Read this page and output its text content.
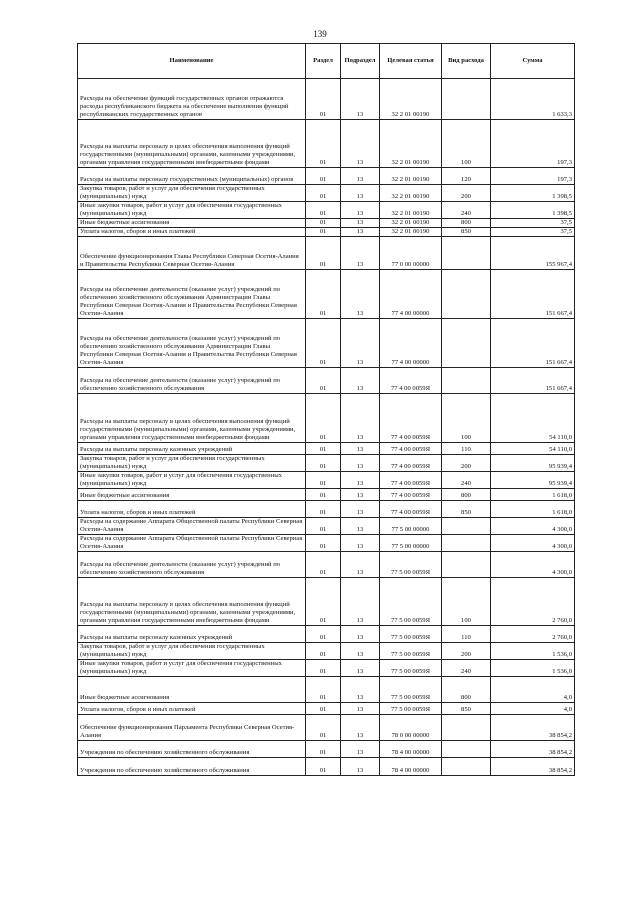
139
Наименование	Раздел	Подраздел	Целевая статья	Вид расхода	Сумма
Расходы на обеспечение функций государственных органов отражаются расходы республиканского бюджета на обеспечение выполнения функций республиканских государственных органов	01	13	32 2 01 00190		1 633,3
Расходы на выплаты персоналу в целях обеспечения выполнения функций государственными (муниципальными) органами, казенными учреждениями, органами управления государственными внебюджетными фондами	01	13	32 2 01 00190	100	197,3
Расходы на выплаты персоналу государственных (муниципальных) органов	01	13	32 2 01 00190	120	197,3
Закупка товаров, работ и услуг для обеспечения государственных (муниципальных) нужд	01	13	32 2 01 00190	200	1 398,5
Иные закупки товаров, работ и услуг для обеспечения государственных (муниципальных) нужд	01	13	32 2 01 00190	240	1 398,5
Иные бюджетные ассигнования	01	13	32 2 01 00190	800	37,5
Уплата налогов, сборов и иных платежей	01	13	32 2 01 00190	850	37,5
Обеспечение функционирования Главы Республики Северная Осетия-Алания и Правительства Республики Северная Осетия-Алания	01	13	77 0 00 00000		155 967,4
Расходы на обеспечение деятельности (оказание услуг) учреждений по обеспечению хозяйственного обслуживания Администрации Главы Республики Северная Осетия-Алания и Правительства Республики Северная Осетия-Алания	01	13	77 4 00 00000		151 667,4
Расходы на обеспечение деятельности (оказание услуг) учреждений по обеспечению хозяйственного обслуживания Администрации Главы Республики Северная Осетия-Алания и Правительства Республики Северная Осетия-Алания	01	13	77 4 00 00000		151 667,4
Расходы на обеспечение деятельности (оказание услуг) учреждений по обеспечению хозяйственного обслуживания	01	13	77 4 00 0059Я		151 667,4
Расходы на выплаты персоналу в целях обеспечения выполнения функций государственными (муниципальными) органами, казенными учреждениями, органами управления государственными внебюджетными фондами	01	13	77 4 00 0059Я	100	54 110,0
Расходы на выплаты персоналу казенных учреждений	01	13	77 4 00 0059Я	110	54 110,0
Закупка товаров, работ и услуг для обеспечения государственных (муниципальных) нужд	01	13	77 4 00 0059Я	200	95 939,4
Иные закупки товаров, работ и услуг для обеспечения государственных (муниципальных) нужд	01	13	77 4 00 0059Я	240	95 939,4
Иные бюджетные ассигнования	01	13	77 4 00 0059Я	800	1 618,0
Уплата налогов, сборов и иных платежей	01	13	77 4 00 0059Я	850	1 618,0
Расходы на содержание Аппарата Общественной палаты Республики Северная Осетия-Алания	01	13	77 5 00 00000		4 300,0
Расходы на содержание Аппарата Общественной палаты Республики Северная Осетия-Алания	01	13	77 5 00 00000		4 300,0
Расходы на обеспечение деятельности (оказание услуг) учреждений по обеспечению хозяйственного обслуживания	01	13	77 5 00 0059Я		4 300,0
Расходы на выплаты персоналу в целях обеспечения выполнения функций государственными (муниципальными) органами, казенными учреждениями, органами управления государственными внебюджетными фондами	01	13	77 5 00 0059Я	100	2 760,0
Расходы на выплаты персоналу казенных учреждений	01	13	77 5 00 0059Я	110	2 760,0
Закупка товаров, работ и услуг для обеспечения государственных (муниципальных) нужд	01	13	77 5 00 0059Я	200	1 536,0
Иные закупки товаров, работ и услуг для обеспечения государственных (муниципальных) нужд	01	13	77 5 00 0059Я	240	1 536,0
Иные бюджетные ассигнования	01	13	77 5 00 0059Я	800	4,0
Уплата налогов, сборов и иных платежей	01	13	77 5 00 0059Я	850	4,0
Обеспечение функционирования Парламента Республики Северная Осетия-Алания	01	13	78 0 00 00000		38 854,2
Учреждения по обеспечению хозяйственного обслуживания	01	13	78 4 00 00000		38 854,2
Учреждения по обеспечению хозяйственного обслуживания	01	13	78 4 00 00000		38 854,2
